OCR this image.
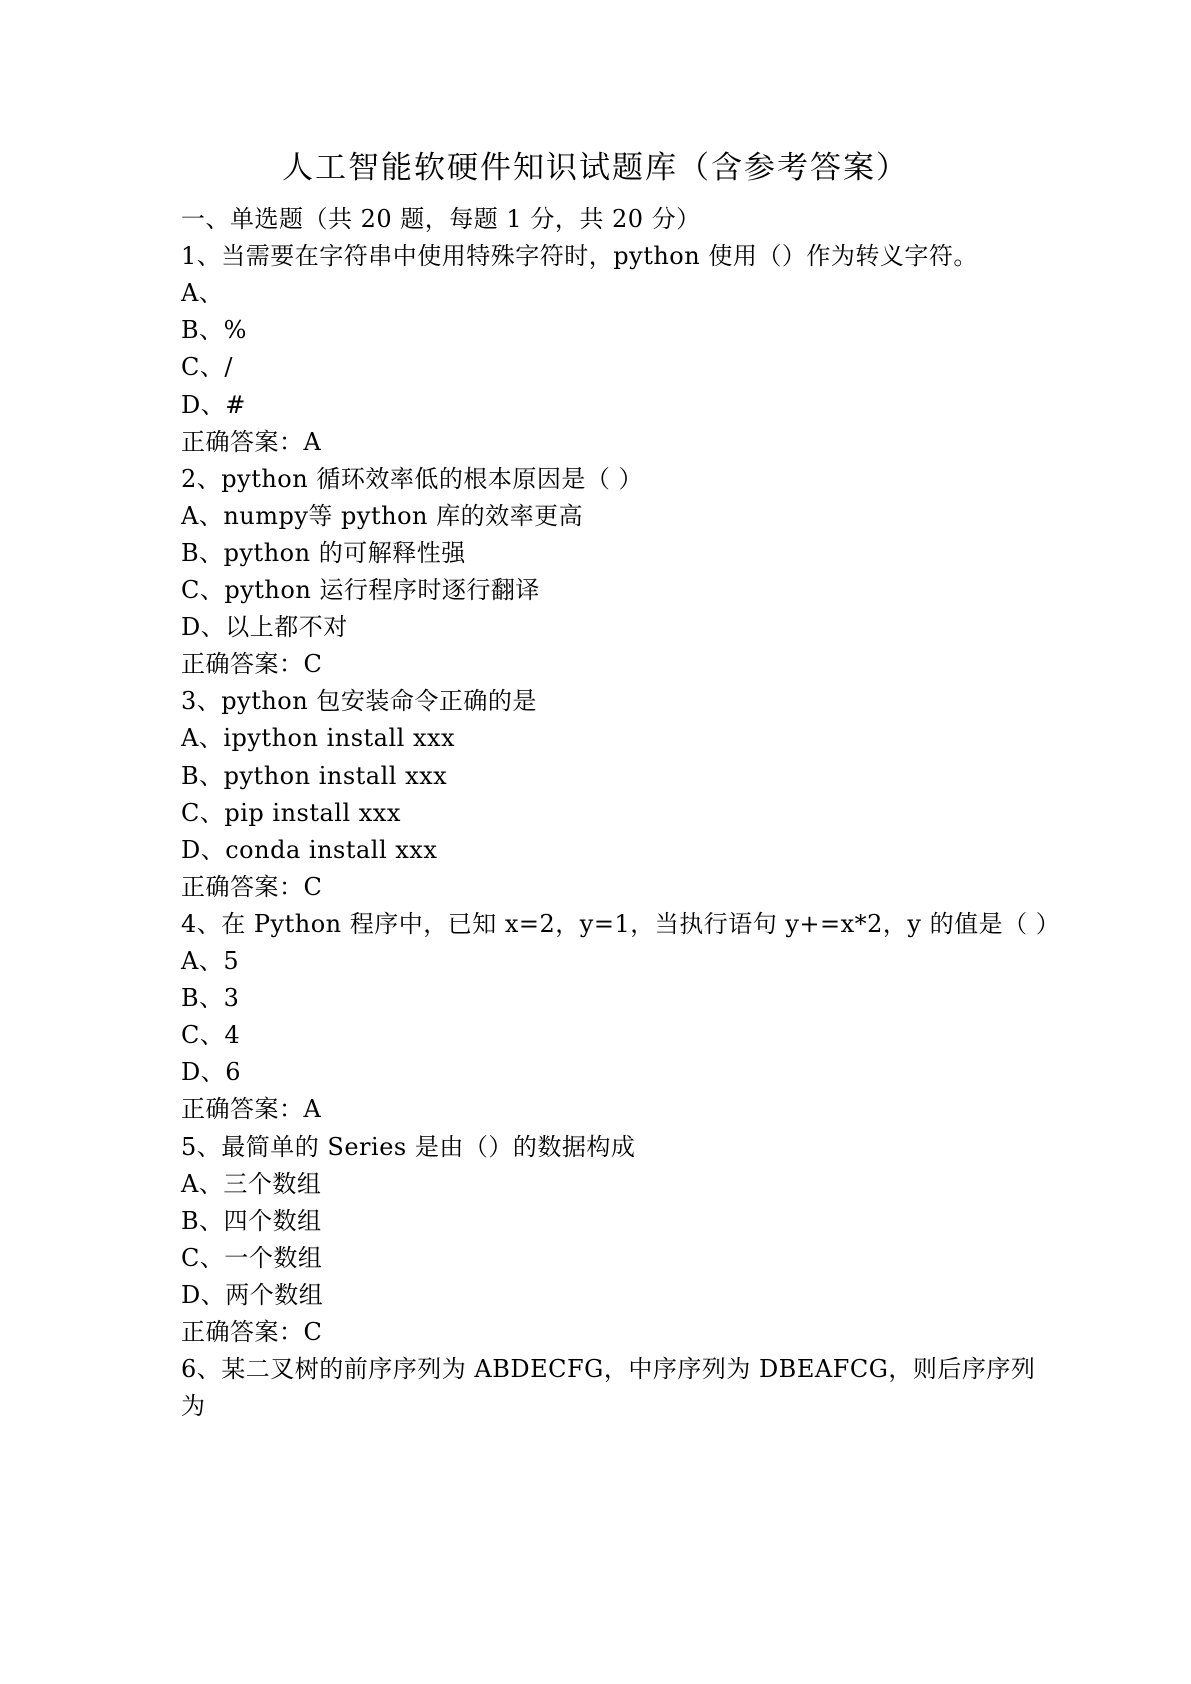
人工智能软硬件知识试题库（含参考答案）
一、单选题（共 20 题，每题 1 分，共 20 分）
1、当需要在字符串中使用特殊字符时，python 使用（）作为转义字符。
A、
B、%
C、/
D、#
正确答案：A
2、python 循环效率低的根本原因是（ ）
A、numpy等 python 库的效率更高
B、python 的可解释性强
C、python 运行程序时逐行翻译
D、以上都不对
正确答案：C
3、python 包安装命令正确的是
A、ipython install xxx
B、python install xxx
C、pip install xxx
D、conda install xxx
正确答案：C
4、在 Python 程序中，已知 x=2，y=1，当执行语句 y+=x*2，y 的值是（ ）
A、5
B、3
C、4
D、6
正确答案：A
5、最简单的 Series 是由（）的数据构成
A、三个数组
B、四个数组
C、一个数组
D、两个数组
正确答案：C
6、某二叉树的前序序列为 ABDECFG，中序序列为 DBEAFCG，则后序序列
为
